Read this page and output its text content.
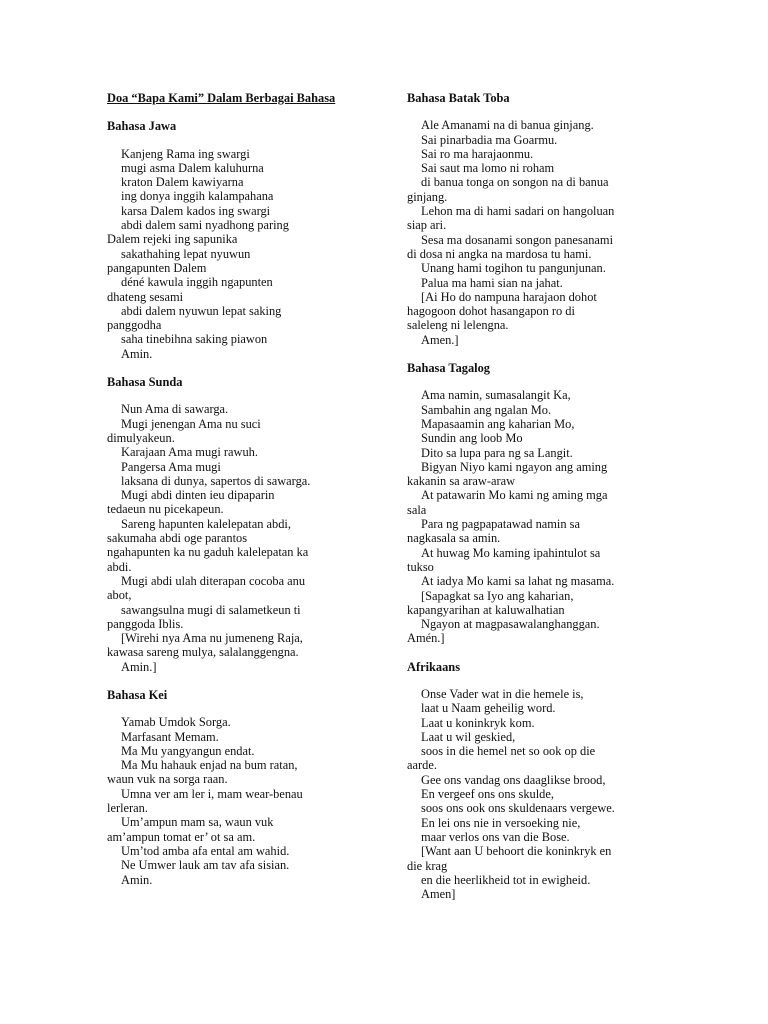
Doa “Bapa Kami” Dalam Berbagai Bahasa
Bahasa Jawa
Kanjeng Rama ing swargi
mugi asma Dalem kaluhurna
kraton Dalem kawiyarna
ing donya inggih kalampahana
karsa Dalem kados ing swargi
abdi dalem sami nyadhong paring
Dalem rejeki ing sapunika
sakathahing lepat nyuwun
pangapunten Dalem
déné kawula inggih ngapunten
dhateng sesami
abdi dalem nyuwun lepat saking
panggodha
saha tinebihna saking piawon
Amin.
Bahasa Sunda
Nun Ama di sawarga.
Mugi jenengan Ama nu suci
dimulyakeun.
Karajaan Ama mugi rawuh.
Pangersa Ama mugi
laksana di dunya, sapertos di sawarga.
Mugi abdi dinten ieu dipaparin
tedaeun nu picekapeun.
Sareng hapunten kalelepatan abdi,
sakumaha abdi oge parantos
ngahapunten ka nu gaduh kalelepatan ka
abdi.
Mugi abdi ulah diterapan cocoba anu
abot,
sawangsulna mugi di salametkeun ti
panggoda Iblis.
[Wirehi nya Ama nu jumeneng Raja,
kawasa sareng mulya, salalanggengna.
Amin.]
Bahasa Kei
Yamab Umdok Sorga.
Marfasant Memam.
Ma Mu yangyangun endat.
Ma Mu hahauk enjad na bum ratan,
waun vuk na sorga raan.
Umna ver am ler i, mam wear-benau
lerleran.
Um’ampun mam sa, waun vuk
am’ampun tomat er’ ot sa am.
Um’tod amba afa ental am wahid.
Ne Umwer lauk am tav afa sisian.
Amin.
Bahasa Batak Toba
Ale Amanami na di banua ginjang.
Sai pinarbadia ma Goarmu.
Sai ro ma harajaonmu.
Sai saut ma lomo ni roham
di banua tonga on songon na di banua
ginjang.
Lehon ma di hami sadari on hangoluan
siap ari.
Sesa ma dosanami songon panesanami
di dosa ni angka na mardosa tu hami.
Unang hami togihon tu pangunjunan.
Palua ma hami sian na jahat.
[Ai Ho do nampuna harajaon dohot
hagogoon dohot hasangapon ro di
saleleng ni lelengna.
Amen.]
Bahasa Tagalog
Ama namin, sumasalangit Ka,
Sambahin ang ngalan Mo.
Mapasaamin ang kaharian Mo,
Sundin ang loob Mo
Dito sa lupa para ng sa Langit.
Bigyan Niyo kami ngayon ang aming
kakanin sa araw-araw
At patawarin Mo kami ng aming mga
sala
Para ng pagpapatawad namin sa
nagkasala sa amin.
At huwag Mo kaming ipahintulot sa
tukso
At iadya Mo kami sa lahat ng masama.
[Sapagkat sa Iyo ang kaharian,
kapangyarihan at kaluwalhatian
Ngayon at magpasawalanghanggan.
Amén.]
Afrikaans
Onse Vader wat in die hemele is,
laat u Naam geheilig word.
Laat u koninkryk kom.
Laat u wil geskied,
soos in die hemel net so ook op die
aarde.
Gee ons vandag ons daaglikse brood,
En vergeef ons ons skulde,
soos ons ook ons skuldenaars vergewe.
En lei ons nie in versoeking nie,
maar verlos ons van die Bose.
[Want aan U behoort die koninkryk en
die krag
en die heerlikheid tot in ewigheid.
Amen]
